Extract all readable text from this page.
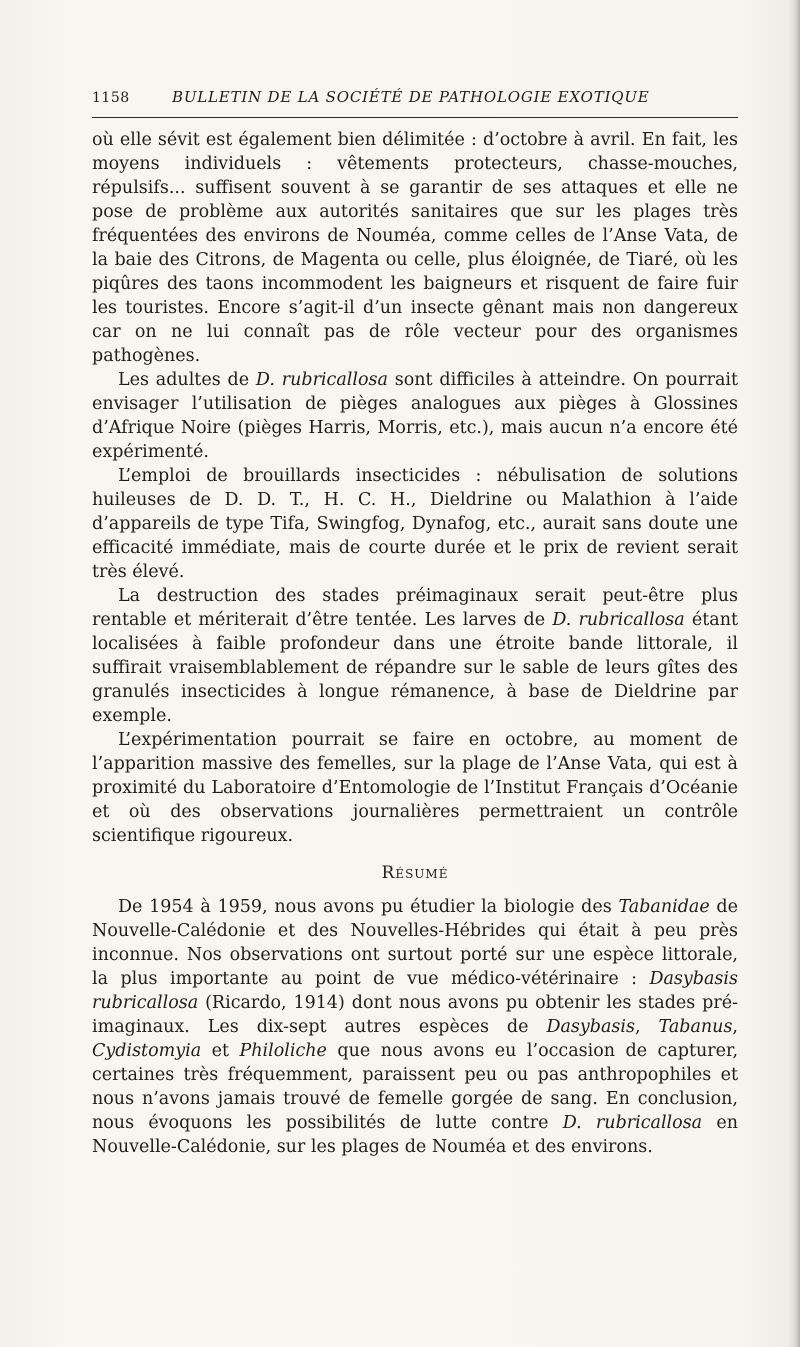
1158	BULLETIN DE LA SOCIÉTÉ DE PATHOLOGIE EXOTIQUE

où elle sévit est également bien délimitée : d’octobre à avril. En fait, les moyens individuels : vêtements protecteurs, chasse-mouches, répulsifs... suffisent souvent à se garantir de ses attaques et elle ne pose de problème aux autorités sanitaires que sur les plages très fréquentées des environs de Nouméa, comme celles de l’Anse Vata, de la baie des Citrons, de Magenta ou celle, plus éloignée, de Tiaré, où les piqûres des taons incommodent les baigneurs et risquent de faire fuir les touristes. Encore s’agit-il d’un insecte gênant mais non dangereux car on ne lui connaît pas de rôle vecteur pour des organismes pathogènes.

Les adultes de D. rubricallosa sont difficiles à atteindre. On pourrait envisager l’utilisation de pièges analogues aux pièges à Glossines d’Afrique Noire (pièges Harris, Morris, etc.), mais aucun n’a encore été expérimenté.

L’emploi de brouillards insecticides : nébulisation de solutions huileuses de D. D. T., H. C. H., Dieldrine ou Malathion à l’aide d’appareils de type Tifa, Swingfog, Dynafog, etc., aurait sans doute une efficacité immédiate, mais de courte durée et le prix de revient serait très élevé.

La destruction des stades préimaginaux serait peut-être plus rentable et mériterait d’être tentée. Les larves de D. rubricallosa étant localisées à faible profondeur dans une étroite bande littorale, il suffirait vraisemblablement de répandre sur le sable de leurs gîtes des granulés insecticides à longue rémanence, à base de Dieldrine par exemple.

L’expérimentation pourrait se faire en octobre, au moment de l’apparition massive des femelles, sur la plage de l’Anse Vata, qui est à proximité du Laboratoire d’Entomologie de l’Institut Français d’Océanie et où des observations journalières permettraient un contrôle scientifique rigoureux.

Résumé

De 1954 à 1959, nous avons pu étudier la biologie des Tabanidae de Nouvelle-Calédonie et des Nouvelles-Hébrides qui était à peu près inconnue. Nos observations ont surtout porté sur une espèce littorale, la plus importante au point de vue médico-vétérinaire : Dasybasis rubricallosa (Ricardo, 1914) dont nous avons pu obtenir les stades pré-imaginaux. Les dix-sept autres espèces de Dasybasis, Tabanus, Cydistomyia et Philoliche que nous avons eu l’occasion de capturer, certaines très fréquemment, paraissent peu ou pas anthropophiles et nous n’avons jamais trouvé de femelle gorgée de sang. En conclusion, nous évoquons les possibilités de lutte contre D. rubricallosa en Nouvelle-Calédonie, sur les plages de Nouméa et des environs.
